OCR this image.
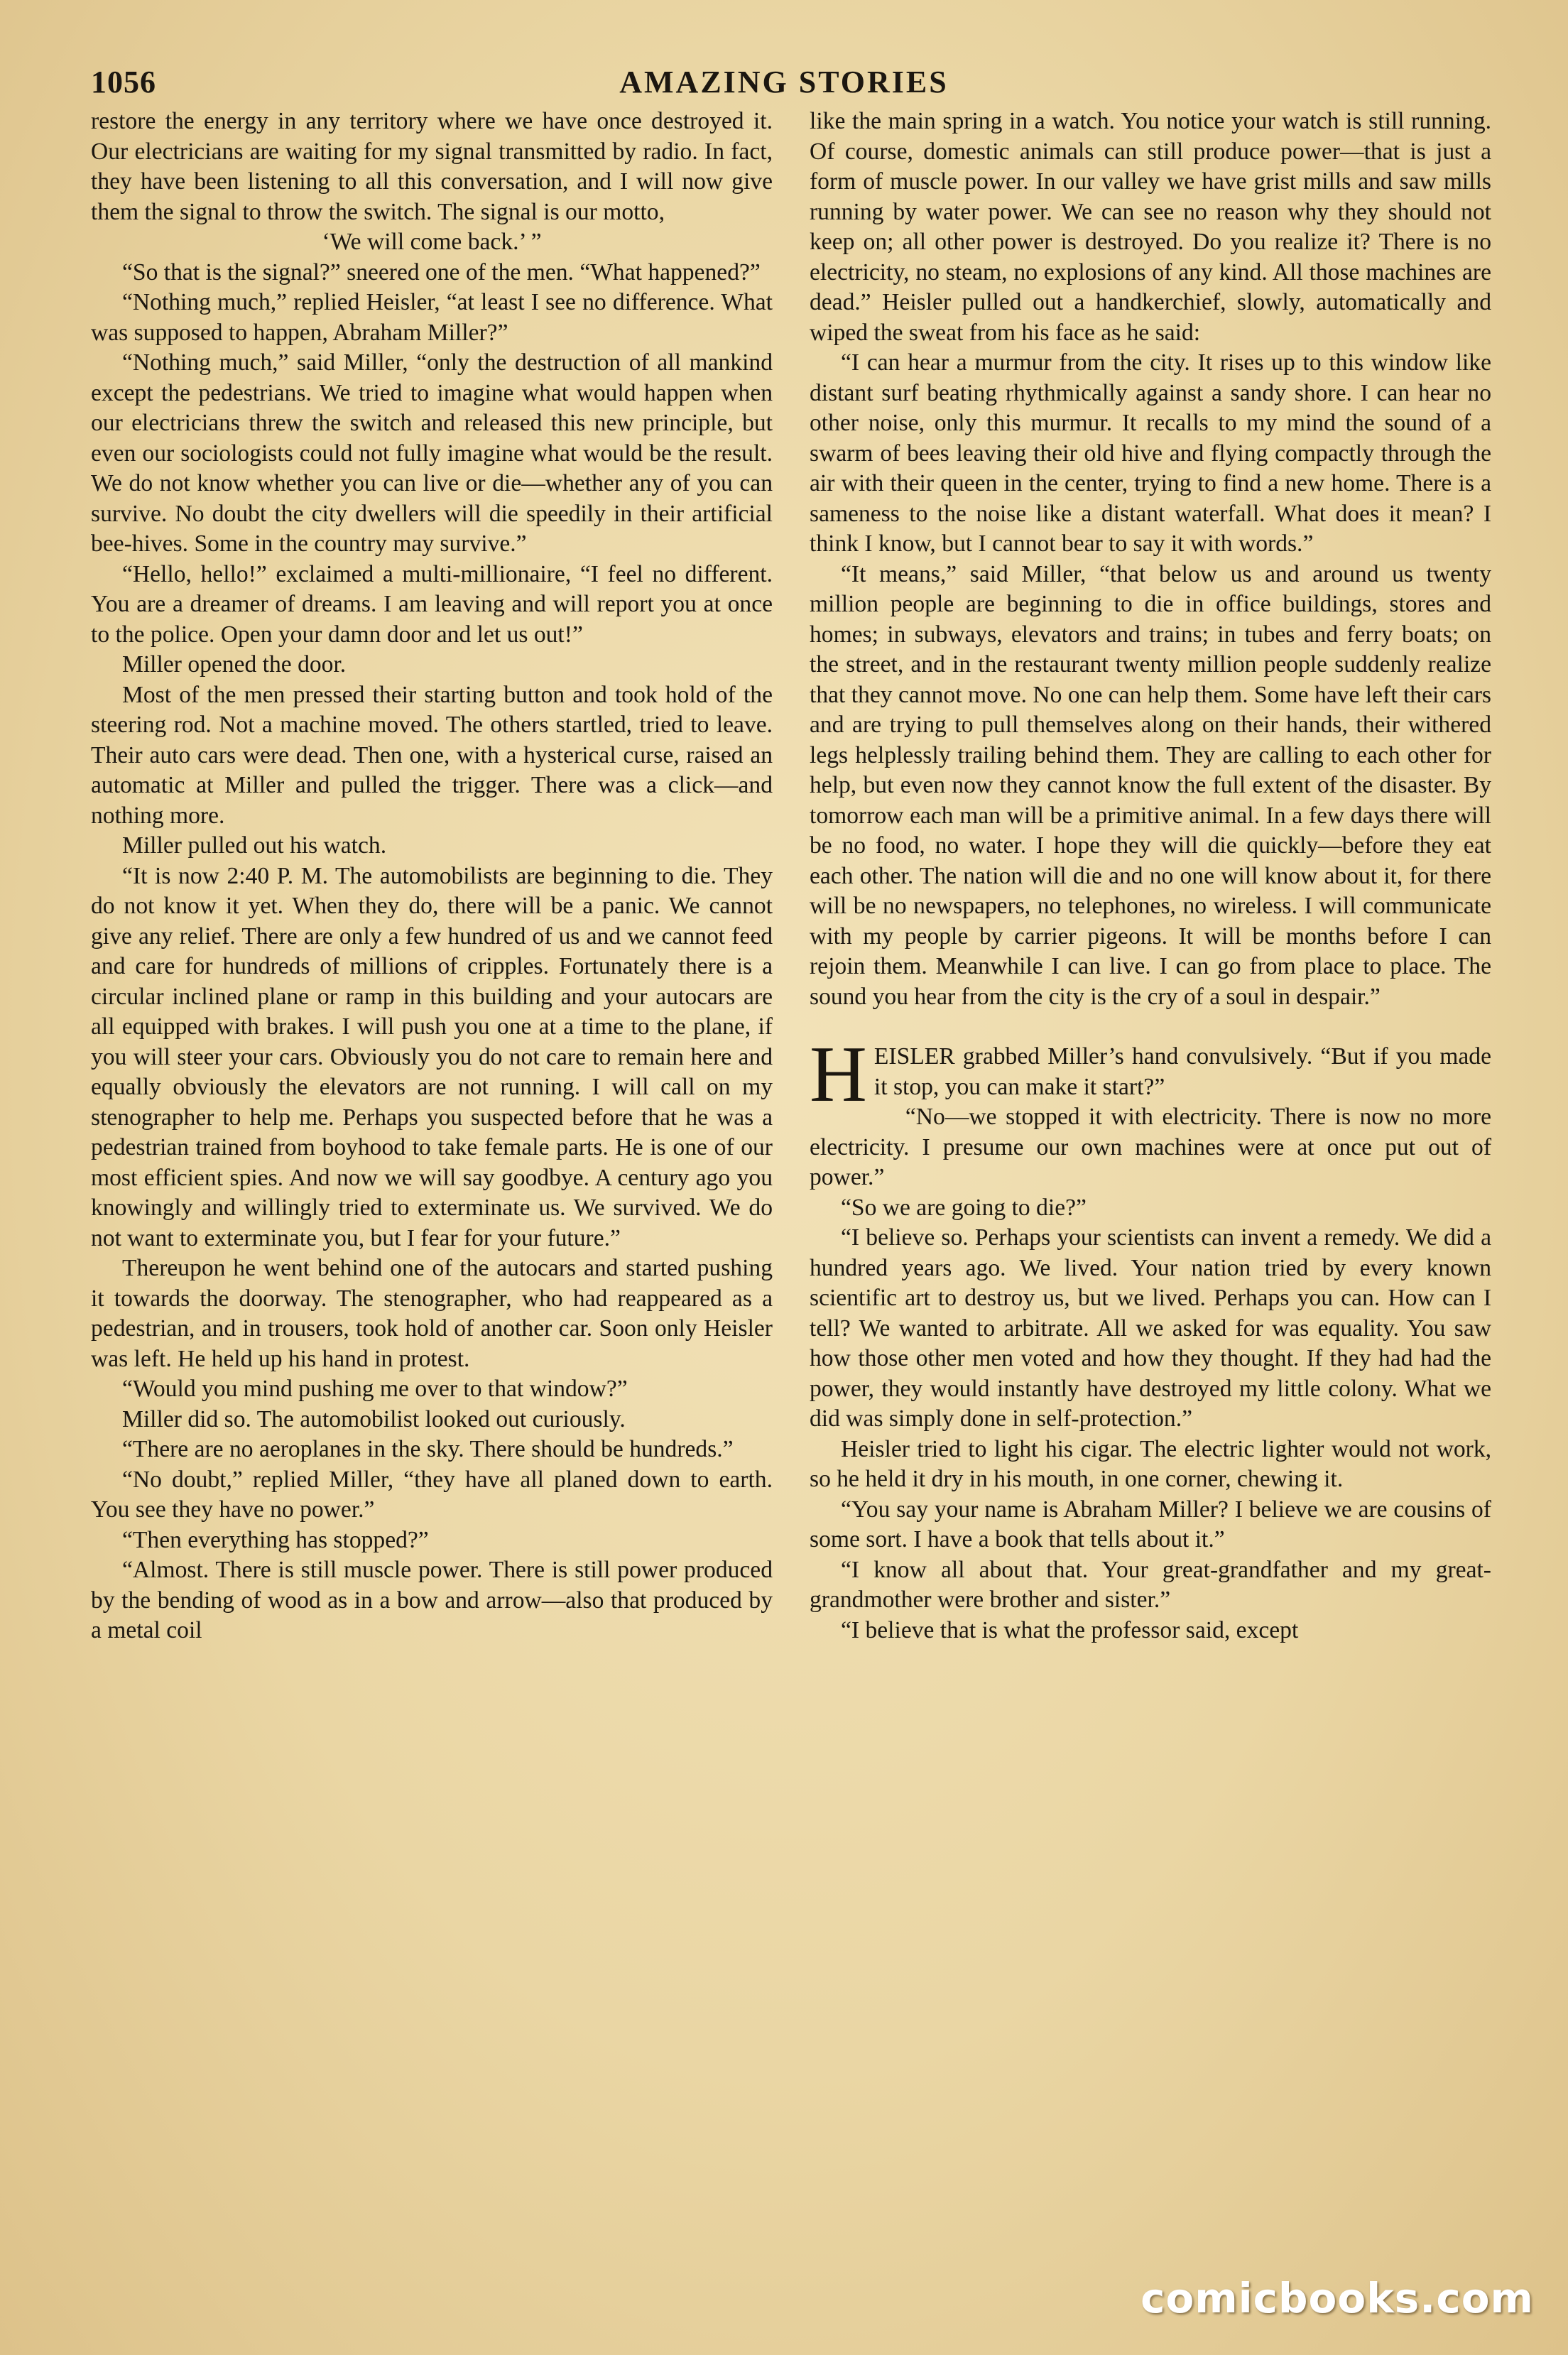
1056	AMAZING STORIES

restore the energy in any territory where we have once destroyed it. Our electricians are waiting for my signal transmitted by radio. In fact, they have been listening to all this conversation, and I will now give them the signal to throw the switch. The signal is our motto,

‘We will come back.’ ”

“So that is the signal?” sneered one of the men. “What happened?”

“Nothing much,” replied Heisler, “at least I see no difference. What was supposed to happen, Abraham Miller?”

“Nothing much,” said Miller, “only the destruction of all mankind except the pedestrians. We tried to imagine what would happen when our electricians threw the switch and released this new principle, but even our sociologists could not fully imagine what would be the result. We do not know whether you can live or die—whether any of you can survive. No doubt the city dwellers will die speedily in their artificial bee-hives. Some in the country may survive.”

“Hello, hello!” exclaimed a multi-millionaire, “I feel no different. You are a dreamer of dreams. I am leaving and will report you at once to the police. Open your damn door and let us out!”

Miller opened the door.

Most of the men pressed their starting button and took hold of the steering rod. Not a machine moved. The others startled, tried to leave. Their auto cars were dead. Then one, with a hysterical curse, raised an automatic at Miller and pulled the trigger. There was a click—and nothing more.

Miller pulled out his watch.

“It is now 2:40 P. M. The automobilists are beginning to die. They do not know it yet. When they do, there will be a panic. We cannot give any relief. There are only a few hundred of us and we cannot feed and care for hundreds of millions of cripples. Fortunately there is a circular inclined plane or ramp in this building and your autocars are all equipped with brakes. I will push you one at a time to the plane, if you will steer your cars. Obviously you do not care to remain here and equally obviously the elevators are not running. I will call on my stenographer to help me. Perhaps you suspected before that he was a pedestrian trained from boyhood to take female parts. He is one of our most efficient spies. And now we will say goodbye. A century ago you knowingly and willingly tried to exterminate us. We survived. We do not want to exterminate you, but I fear for your future.”

Thereupon he went behind one of the autocars and started pushing it towards the doorway. The stenographer, who had reappeared as a pedestrian, and in trousers, took hold of another car. Soon only Heisler was left. He held up his hand in protest.

“Would you mind pushing me over to that window?”

Miller did so. The automobilist looked out curiously.

“There are no aeroplanes in the sky. There should be hundreds.”

“No doubt,” replied Miller, “they have all planed down to earth. You see they have no power.”

“Then everything has stopped?”

“Almost. There is still muscle power. There is still power produced by the bending of wood as in a bow and arrow—also that produced by a metal coil

like the main spring in a watch. You notice your watch is still running. Of course, domestic animals can still produce power—that is just a form of muscle power. In our valley we have grist mills and saw mills running by water power. We can see no reason why they should not keep on; all other power is destroyed. Do you realize it? There is no electricity, no steam, no explosions of any kind. All those machines are dead.” Heisler pulled out a handkerchief, slowly, automatically and wiped the sweat from his face as he said:

“I can hear a murmur from the city. It rises up to this window like distant surf beating rhythmically against a sandy shore. I can hear no other noise, only this murmur. It recalls to my mind the sound of a swarm of bees leaving their old hive and flying compactly through the air with their queen in the center, trying to find a new home. There is a sameness to the noise like a distant waterfall. What does it mean? I think I know, but I cannot bear to say it with words.”

“It means,” said Miller, “that below us and around us twenty million people are beginning to die in office buildings, stores and homes; in subways, elevators and trains; in tubes and ferry boats; on the street, and in the restaurant twenty million people suddenly realize that they cannot move. No one can help them. Some have left their cars and are trying to pull themselves along on their hands, their withered legs helplessly trailing behind them. They are calling to each other for help, but even now they cannot know the full extent of the disaster. By tomorrow each man will be a primitive animal. In a few days there will be no food, no water. I hope they will die quickly—before they eat each other. The nation will die and no one will know about it, for there will be no newspapers, no telephones, no wireless. I will communicate with my people by carrier pigeons. It will be months before I can rejoin them. Meanwhile I can live. I can go from place to place. The sound you hear from the city is the cry of a soul in despair.”

HEISLER grabbed Miller’s hand convulsively. “But if you made it stop, you can make it start?”

“No—we stopped it with electricity. There is now no more electricity. I presume our own machines were at once put out of power.”

“So we are going to die?”

“I believe so. Perhaps your scientists can invent a remedy. We did a hundred years ago. We lived. Your nation tried by every known scientific art to destroy us, but we lived. Perhaps you can. How can I tell? We wanted to arbitrate. All we asked for was equality. You saw how those other men voted and how they thought. If they had had the power, they would instantly have destroyed my little colony. What we did was simply done in self-protection.”

Heisler tried to light his cigar. The electric lighter would not work, so he held it dry in his mouth, in one corner, chewing it.

“You say your name is Abraham Miller? I believe we are cousins of some sort. I have a book that tells about it.”

“I know all about that. Your great-grandfather and my great-grandmother were brother and sister.”

“I believe that is what the professor said, except

comicbooks.com
